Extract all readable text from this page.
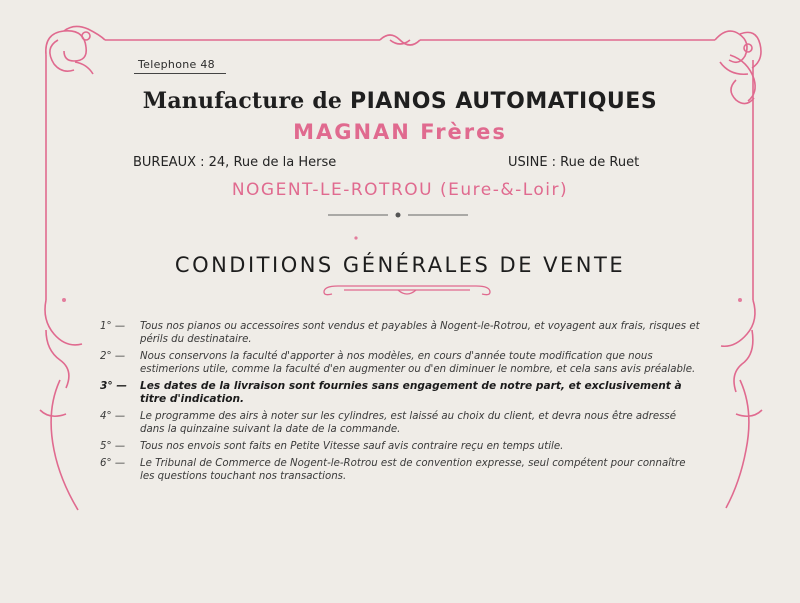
Telephone 48
Manufacture de PIANOS AUTOMATIQUES
MAGNAN Frères
BUREAUX : 24, Rue de la Herse	USINE : Rue de Ruet
NOGENT-LE-ROTROU (Eure-&-Loir)
CONDITIONS GÉNÉRALES DE VENTE
1° —	Tous nos pianos ou accessoires sont vendus et payables à Nogent-le-Rotrou, et voyagent aux frais, risques et périls du destinataire.
2° —	Nous conservons la faculté d'apporter à nos modèles, en cours d'année toute modification que nous estimerions utile, comme la faculté d'en augmenter ou d'en diminuer le nombre, et cela sans avis préalable.
3° —	Les dates de la livraison sont fournies sans engagement de notre part, et exclusivement à titre d'indication.
4° —	Le programme des airs à noter sur les cylindres, est laissé au choix du client, et devra nous être adressé dans la quinzaine suivant la date de la commande.
5° —	Tous nos envois sont faits en Petite Vitesse sauf avis contraire reçu en temps utile.
6° —	Le Tribunal de Commerce de Nogent-le-Rotrou est de convention expresse, seul compétent pour connaître les questions touchant nos transactions.
